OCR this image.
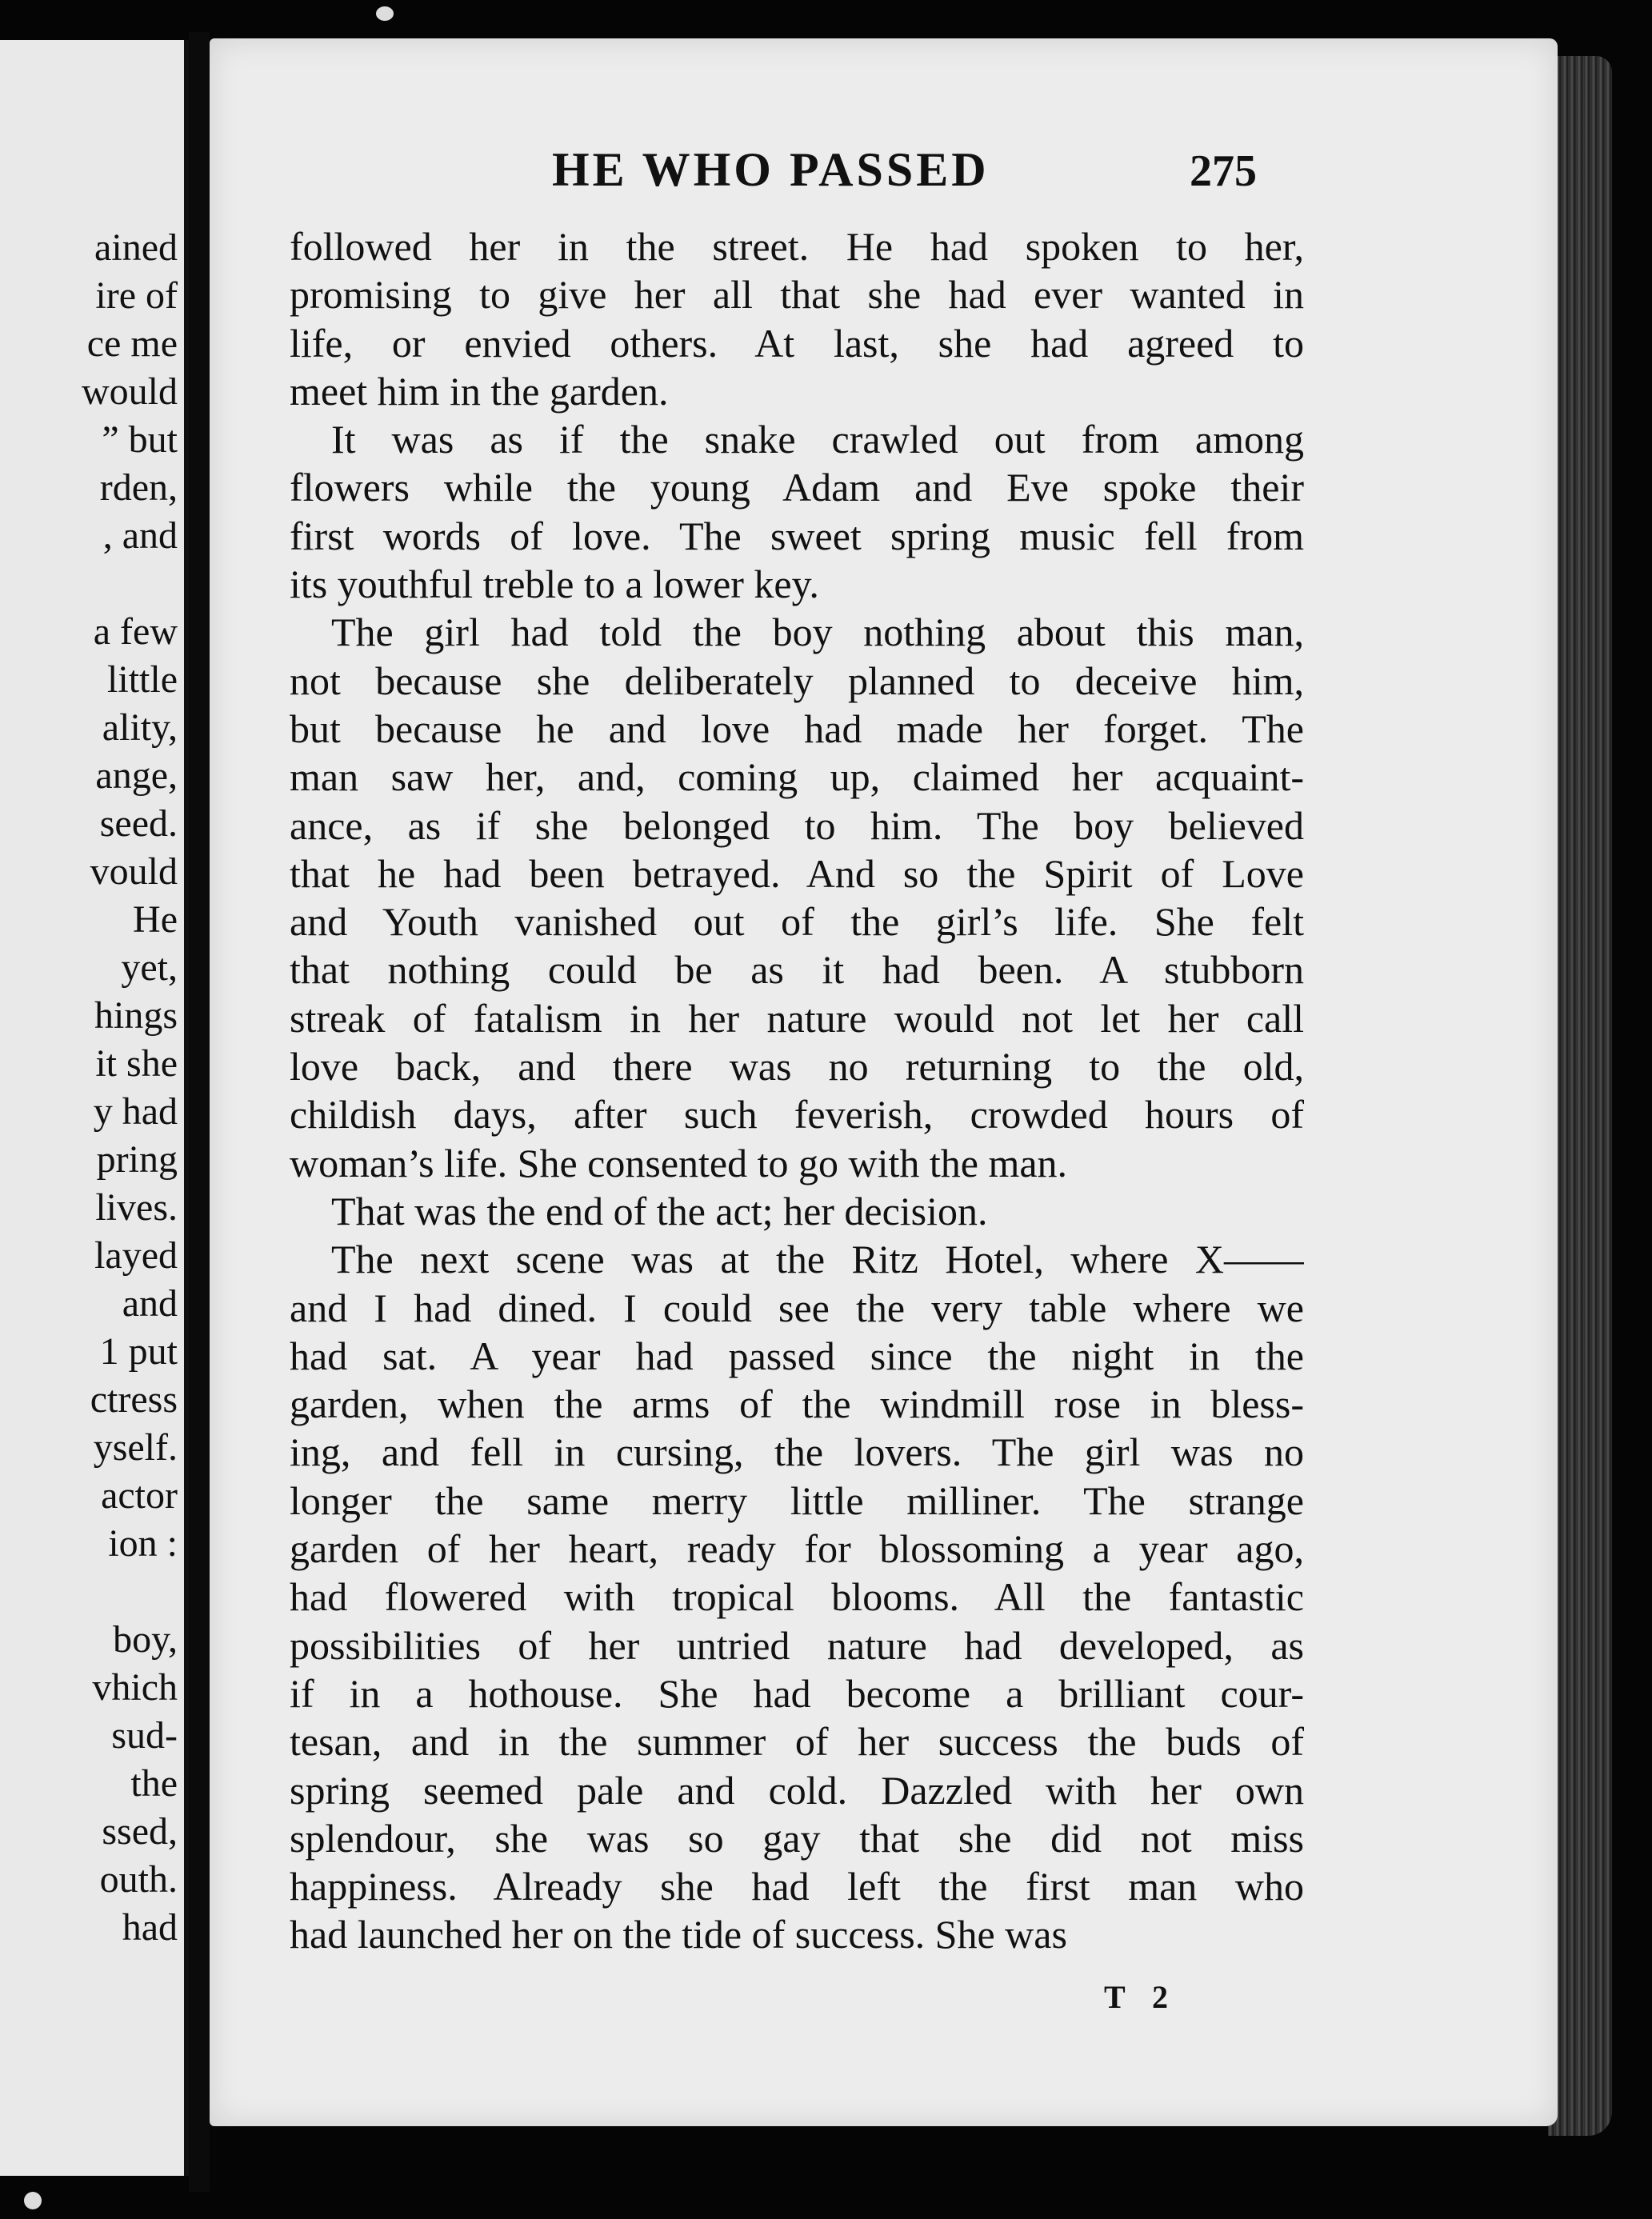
ained
ire of
ce me
would
” but
rden,
, and
a few
little
ality,
ange,
seed.
vould
He
yet,
hings
it she
y had
pring
lives.
layed
and
1 put
ctress
yself.
actor
ion :
boy,
vhich
sud-
the
ssed,
outh.
had
HE WHO PASSED	275
followed her in the street. He had spoken to her,
promising to give her all that she had ever wanted in
life, or envied others. At last, she had agreed to
meet him in the garden.
It was as if the snake crawled out from among
flowers while the young Adam and Eve spoke their
first words of love. The sweet spring music fell from
its youthful treble to a lower key.
The girl had told the boy nothing about this man,
not because she deliberately planned to deceive him,
but because he and love had made her forget. The
man saw her, and, coming up, claimed her acquaint-
ance, as if she belonged to him. The boy believed
that he had been betrayed. And so the Spirit of Love
and Youth vanished out of the girl’s life. She felt
that nothing could be as it had been. A stubborn
streak of fatalism in her nature would not let her call
love back, and there was no returning to the old,
childish days, after such feverish, crowded hours of
woman’s life. She consented to go with the man.
That was the end of the act; her decision.
The next scene was at the Ritz Hotel, where X——
and I had dined. I could see the very table where we
had sat. A year had passed since the night in the
garden, when the arms of the windmill rose in bless-
ing, and fell in cursing, the lovers. The girl was no
longer the same merry little milliner. The strange
garden of her heart, ready for blossoming a year ago,
had flowered with tropical blooms. All the fantastic
possibilities of her untried nature had developed, as
if in a hothouse. She had become a brilliant cour-
tesan, and in the summer of her success the buds of
spring seemed pale and cold. Dazzled with her own
splendour, she was so gay that she did not miss
happiness. Already she had left the first man who
had launched her on the tide of success. She was
T 2
